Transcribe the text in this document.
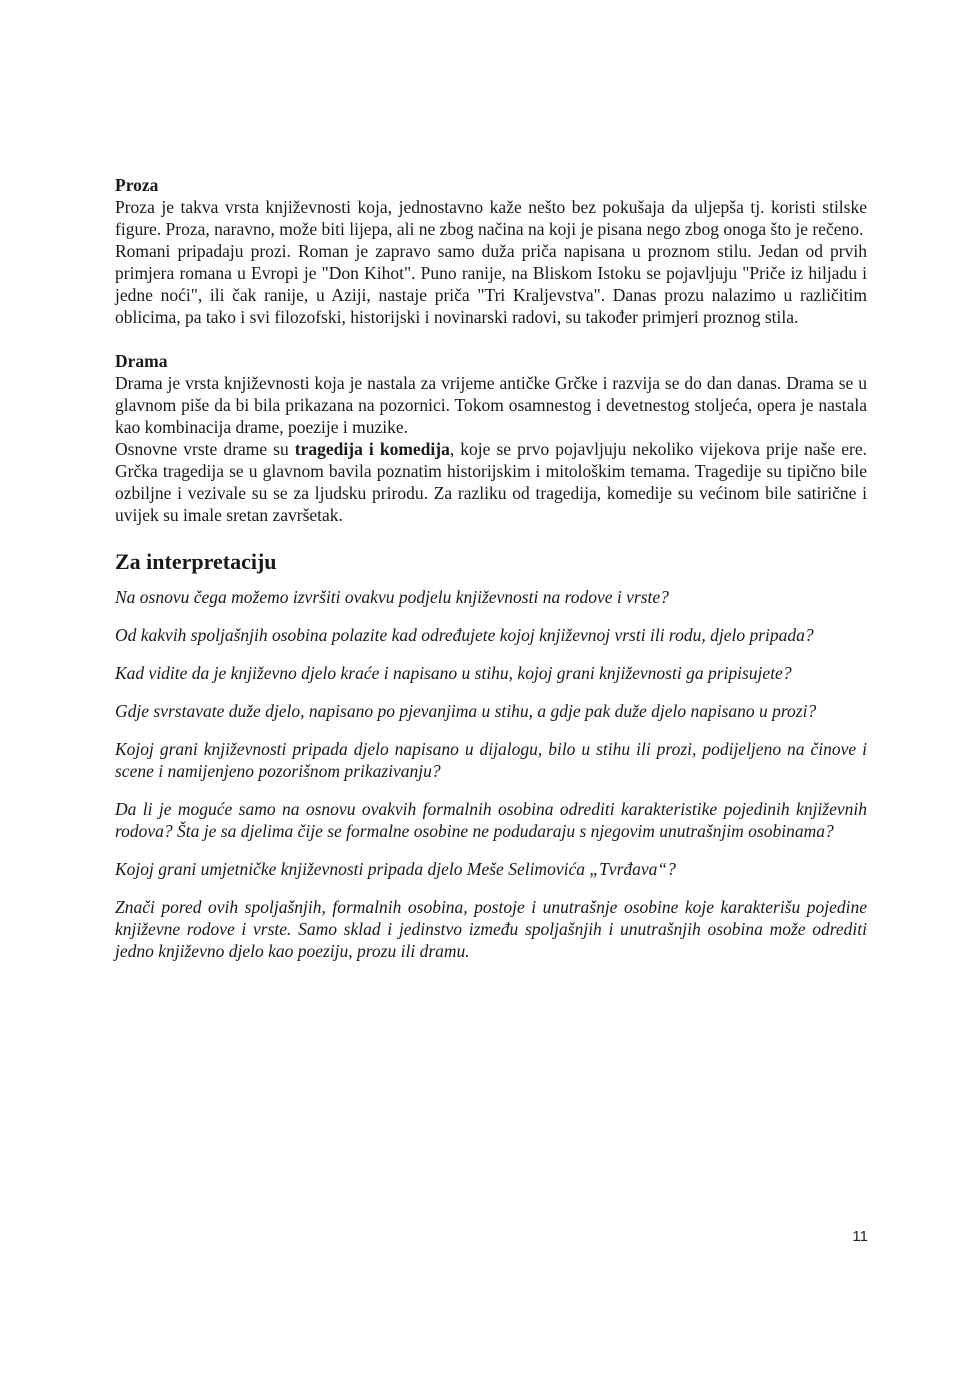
Proza

Proza je takva vrsta književnosti koja, jednostavno kaže nešto bez pokušaja da uljepša tj. koristi stilske figure. Proza, naravno, može biti lijepa, ali ne zbog načina na koji je pisana nego zbog onoga što je rečeno.

Romani pripadaju prozi. Roman je zapravo samo duža priča napisana u proznom stilu. Jedan od prvih primjera romana u Evropi je "Don Kihot". Puno ranije, na Bliskom Istoku se pojavljuju "Priče iz hiljadu i jedne noći", ili čak ranije, u Aziji, nastaje priča "Tri Kraljevstva". Danas prozu nalazimo u različitim oblicima, pa tako i svi filozofski, historijski i novinarski radovi, su također primjeri proznog stila.

Drama

Drama je vrsta književnosti koja je nastala za vrijeme antičke Grčke i razvija se do dan danas. Drama se u glavnom piše da bi bila prikazana na pozornici. Tokom osamnestog i devetnestog stoljeća, opera je nastala kao kombinacija drame, poezije i muzike.

Osnovne vrste drame su tragedija i komedija, koje se prvo pojavljuju nekoliko vijekova prije naše ere. Grčka tragedija se u glavnom bavila poznatim historijskim i mitološkim temama. Tragedije su tipično bile ozbiljne i vezivale su se za ljudsku prirodu. Za razliku od tragedija, komedije su većinom bile satirične i uvijek su imale sretan završetak.

Za interpretaciju

Na osnovu čega možemo izvršiti ovakvu podjelu književnosti na rodove i vrste?

Od kakvih spoljašnjih osobina polazite kad određujete kojoj književnoj vrsti ili rodu, djelo pripada?

Kad vidite da je književno djelo kraće i napisano u stihu, kojoj grani književnosti ga pripisujete?

Gdje svrstavate duže djelo, napisano po pjevanjima u stihu, a gdje pak duže djelo napisano u prozi?

Kojoj grani književnosti pripada djelo napisano u dijalogu, bilo u stihu ili prozi, podijeljeno na činove i scene i namijenjeno pozorišnom prikazivanju?

Da li je moguće samo na osnovu ovakvih formalnih osobina odrediti karakteristike pojedinih književnih rodova? Šta je sa djelima čije se formalne osobine ne podudaraju s njegovim unutrašnjim osobinama?

Kojoj grani umjetničke književnosti pripada djelo Meše Selimovića „Tvrđava“?

Znači pored ovih spoljašnjih, formalnih osobina, postoje i unutrašnje osobine koje karakterišu pojedine književne rodove i vrste. Samo sklad i jedinstvo između spoljašnjih i unutrašnjih osobina može odrediti jedno književno djelo kao poeziju, prozu ili dramu.

11
